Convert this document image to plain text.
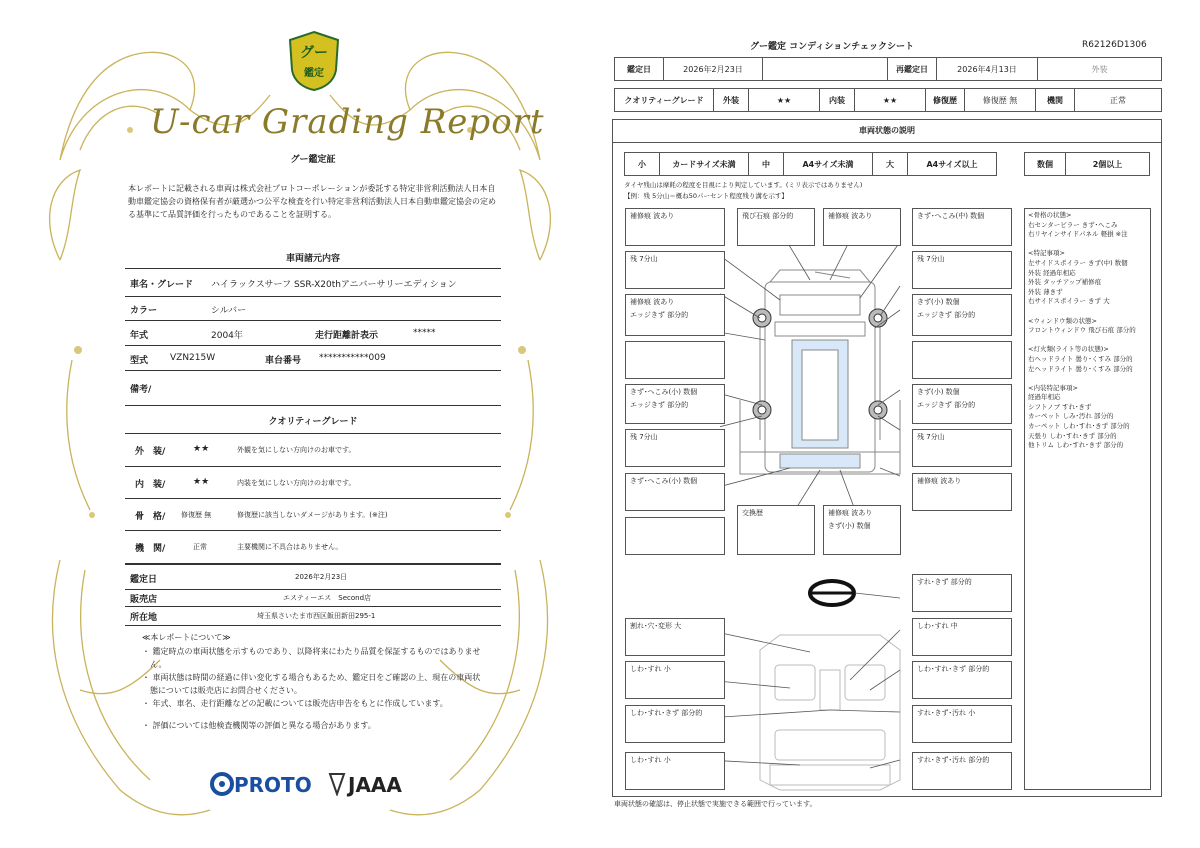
グー
鑑定
U-car Grading Report
グー鑑定証
本レポートに記載される車両は株式会社プロトコーポレーションが委託する特定非営利活動法人日本自動車鑑定協会の資格保有者が厳選かつ公平な検査を行い特定非営利活動法人日本自動車鑑定協会の定める基準にて品質評価を行ったものであることを証明する。
車両諸元内容
車名・グレード ハイラックスサーフ SSR-X20thアニバーサリーエディション
カラー	シルバー
年式	2004年	走行距離計表示	*****
型式 VZN215W	車台番号 ***********009
備考/
クオリティーグレード
外　装/	★★	外観を気にしない方向けのお車です。
内　装/	★★	内装を気にしない方向けのお車です。
骨　格/ 修復歴 無	修復歴に該当しないダメージがあります。(※注)
機　関/	正常	主要機関に不具合はありません。
鑑定日	2026年2月23日
販売店	エスティーエス　Second店
所在地	埼玉県さいたま市西区飯田新田295-1
≪本レポートについて≫
・ 鑑定時点の車両状態を示すものであり、以降将来にわたり品質を保証するものではありません。
・ 車両状態は時間の経過に伴い変化する場合もあるため、鑑定日をご確認の上、現在の車両状態については販売店にお問合せください。
・ 年式、車名、走行距離などの記載については販売店申告をもとに作成しています。
・ 評価については他検査機関等の評価と異なる場合があります。
PROTO JAAA
グー鑑定 コンディションチェックシート	R62126D1306
鑑定日	2026年2月23日	再鑑定日	2026年4月13日	外装
クオリティーグレード	外装	★★	内装	★★	修復歴	修復歴 無	機関	正常
車両状態の説明
小	カードサイズ未満	中	A4サイズ未満	大	A4サイズ以上	数個	2個以上
タイヤ残山は摩耗の程度を目視により判定しています。(ミリ表示ではありません)
【例：残 5分山＝概ね50パーセント程度残り溝を示す】
補修痕 波あり
残 7分山
補修痕 波あり
エッジきず 部分的
きず･へこみ(小) 数個
エッジきず 部分的
残 7分山
きず･へこみ(小) 数個
飛び石痕 部分的	補修痕 波あり
交換歴	補修痕 波あり
きず(小) 数個
きず･へこみ(中) 数個
残 7分山
きず(小) 数個
エッジきず 部分的
きず(小) 数個
エッジきず 部分的
残 7分山
補修痕 波あり
すれ･きず 部分的
割れ･穴･変形 大
しわ･すれ 小
しわ･すれ･きず 部分的
しわ･すれ 小
しわ･すれ 中
しわ･すれ･きず 部分的
すれ･きず･汚れ 小
すれ･きず･汚れ 部分的
<骨格の状態>
右センターピラー きず･へこみ
右リヤインサイドパネル 軽損 ※注

<特記事項>
左サイドスポイラー きず(中) 数個
外装 経過年相応
外装 タッチアップ補修痕
外装 薄きず
右サイドスポイラー きず 大

<ウィンドウ類の状態>
フロントウィンドウ 飛び石痕 部分的

<灯火類(ライト等の状態)>
右ヘッドライト 曇り･くすみ 部分的
左ヘッドライト 曇り･くすみ 部分的

<内装特記事項>
経過年相応
シフトノブ すれ･きず
カーペット しみ･汚れ 部分的
カーペット しわ･すれ･きず 部分的
天張り しわ･すれ･きず 部分的
他トリム しわ･すれ･きず 部分的
車両状態の確認は、停止状態で実施できる範囲で行っています。
